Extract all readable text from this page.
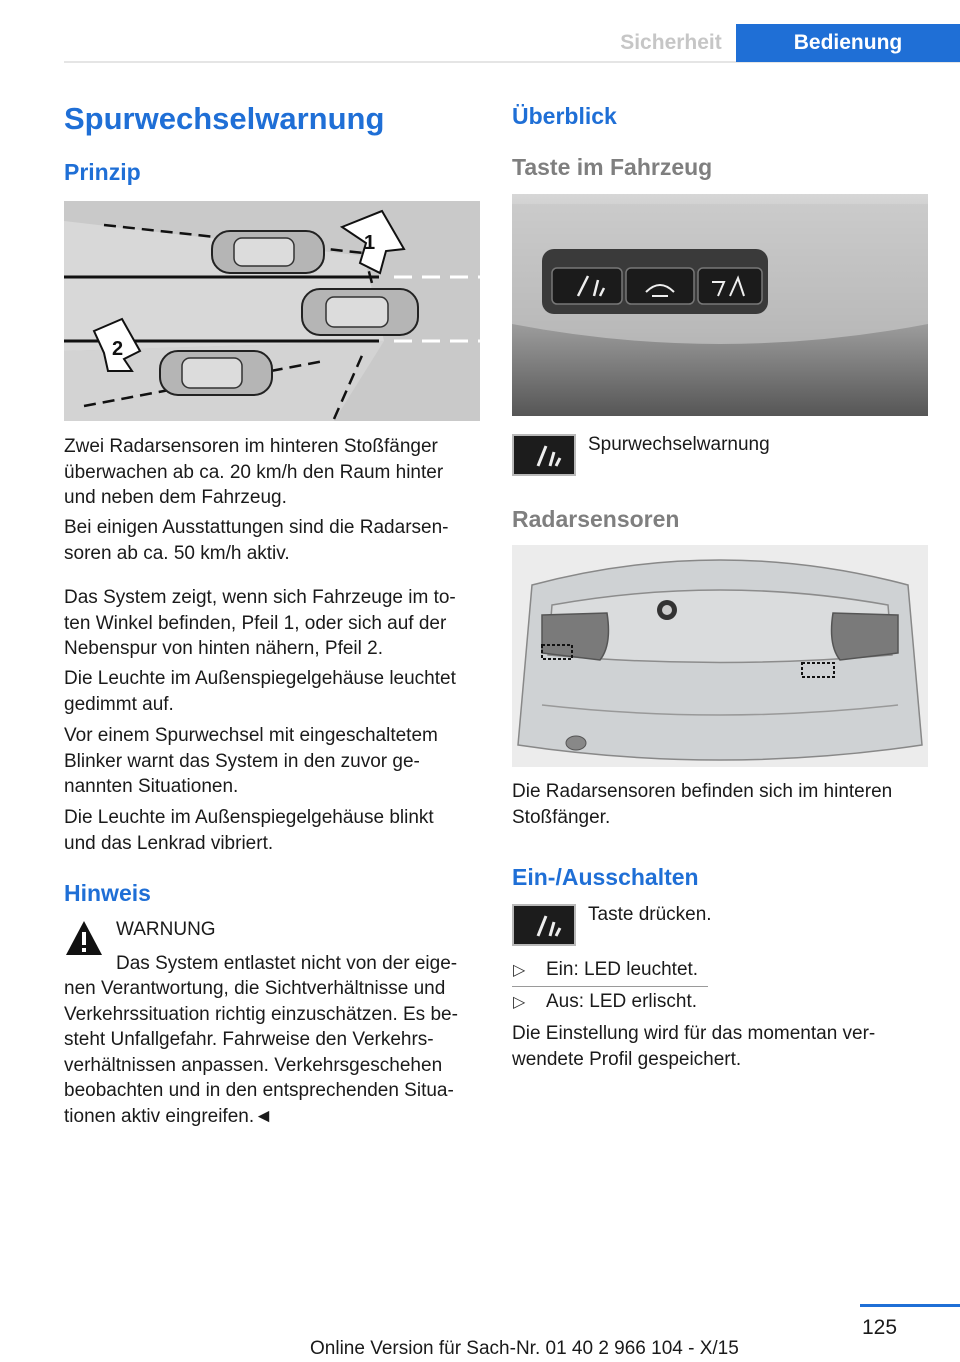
Sicherheit	Bedienung
Spurwechselwarnung
Prinzip
1
2
Zwei Radarsensoren im hinteren Stoßfänger
überwachen ab ca. 20 km/h den Raum hinter
und neben dem Fahrzeug.
Bei einigen Ausstattungen sind die Radarsen-
soren ab ca. 50 km/h aktiv.
Das System zeigt, wenn sich Fahrzeuge im to-
ten Winkel befinden, Pfeil 1, oder sich auf der
Nebenspur von hinten nähern, Pfeil 2.
Die Leuchte im Außenspiegelgehäuse leuchtet
gedimmt auf.
Vor einem Spurwechsel mit eingeschaltetem
Blinker warnt das System in den zuvor ge-
nannten Situationen.
Die Leuchte im Außenspiegelgehäuse blinkt
und das Lenkrad vibriert.
Hinweis
WARNUNG
Das System entlastet nicht von der eige-
nen Verantwortung, die Sichtverhältnisse und
Verkehrssituation richtig einzuschätzen. Es be-
steht Unfallgefahr. Fahrweise den Verkehrs-
verhältnissen anpassen. Verkehrsgeschehen
beobachten und in den entsprechenden Situa-
tionen aktiv eingreifen.◄
Überblick
Taste im Fahrzeug
Spurwechselwarnung
Radarsensoren
Die Radarsensoren befinden sich im hinteren
Stoßfänger.
Ein-/Ausschalten
Taste drücken.
▷ Ein: LED leuchtet.
▷ Aus: LED erlischt.
Die Einstellung wird für das momentan ver-
wendete Profil gespeichert.
125
Online Version für Sach-Nr. 01 40 2 966 104 - X/15
